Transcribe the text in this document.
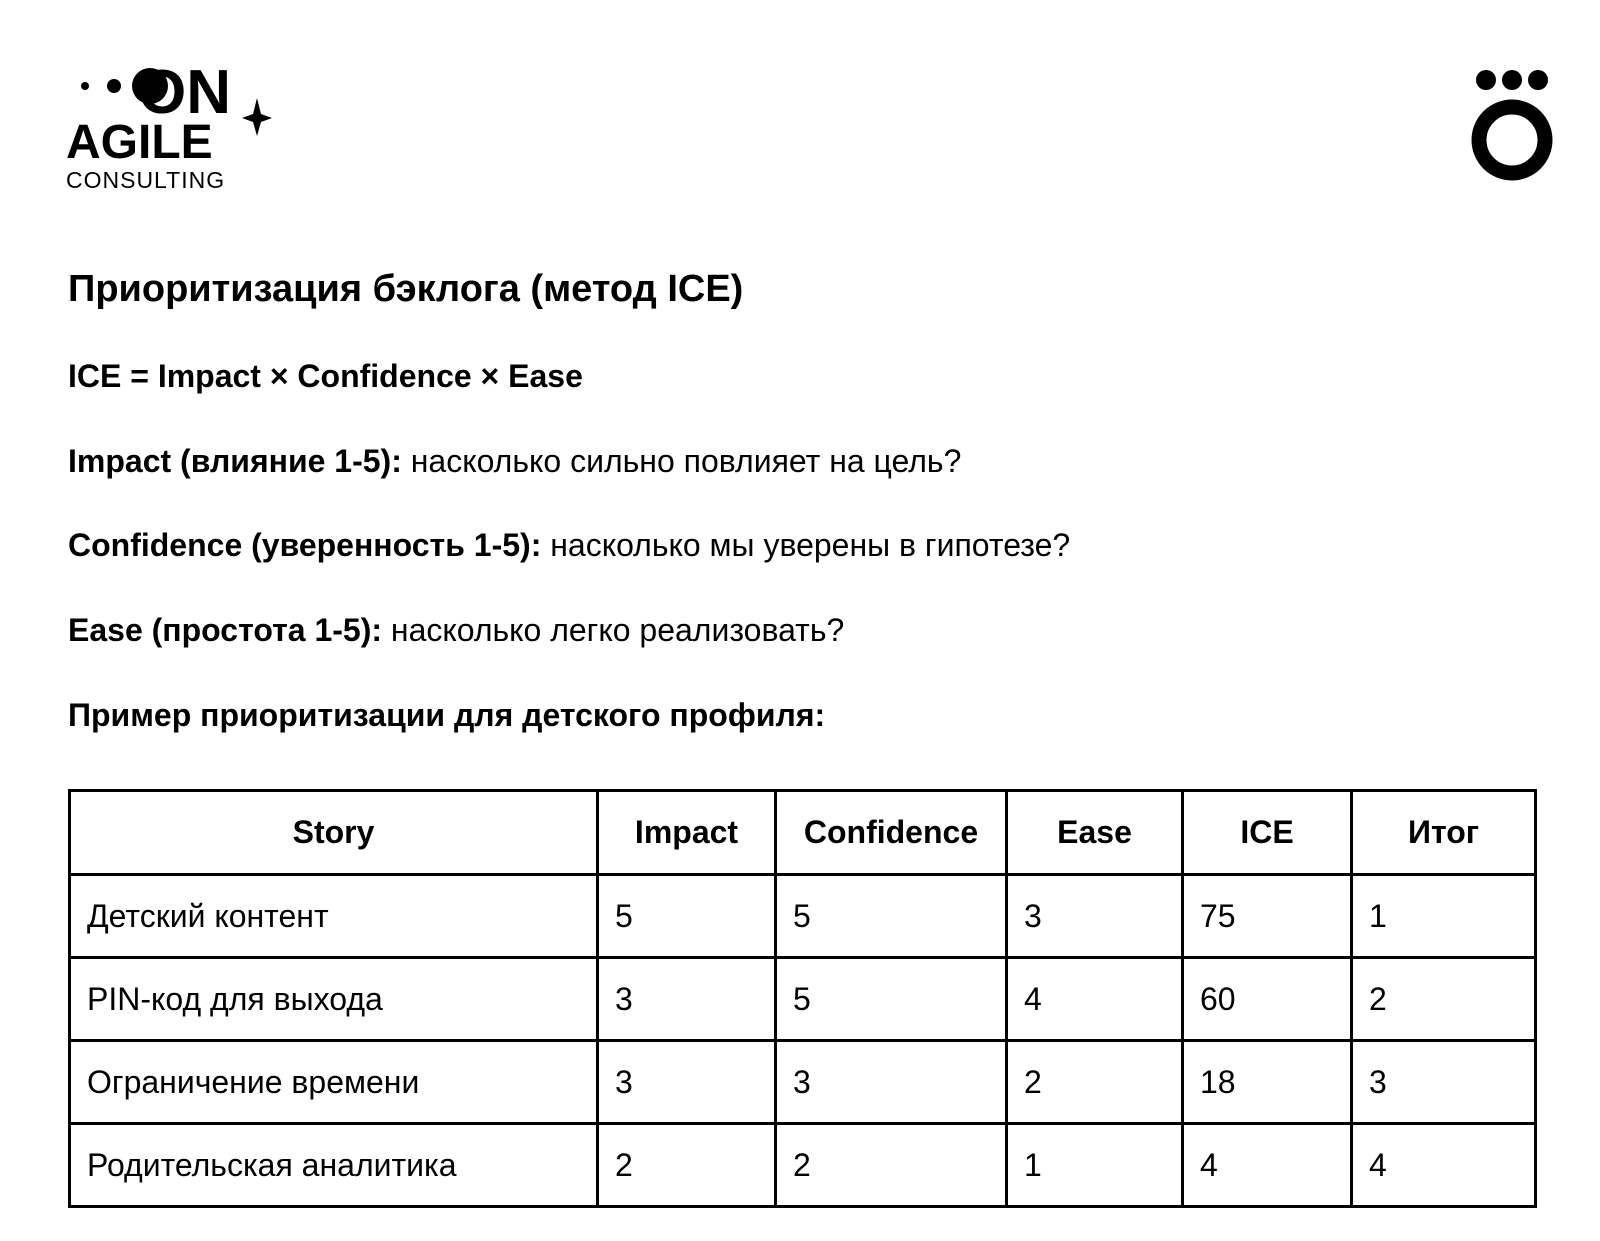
ON
AGILE
CONSULTING
Приоритизация бэклога (метод ICE)

ICE = Impact × Confidence × Ease

Impact (влияние 1-5): насколько сильно повлияет на цель?

Confidence (уверенность 1-5): насколько мы уверены в гипотезе?

Ease (простота 1-5): насколько легко реализовать?

Пример приоритизации для детского профиля:

Story	Impact	Confidence	Ease	ICE	Итог
Детский контент	5	5	3	75	1
PIN-код для выхода	3	5	4	60	2
Ограничение времени	3	3	2	18	3
Родительская аналитика	2	2	1	4	4
